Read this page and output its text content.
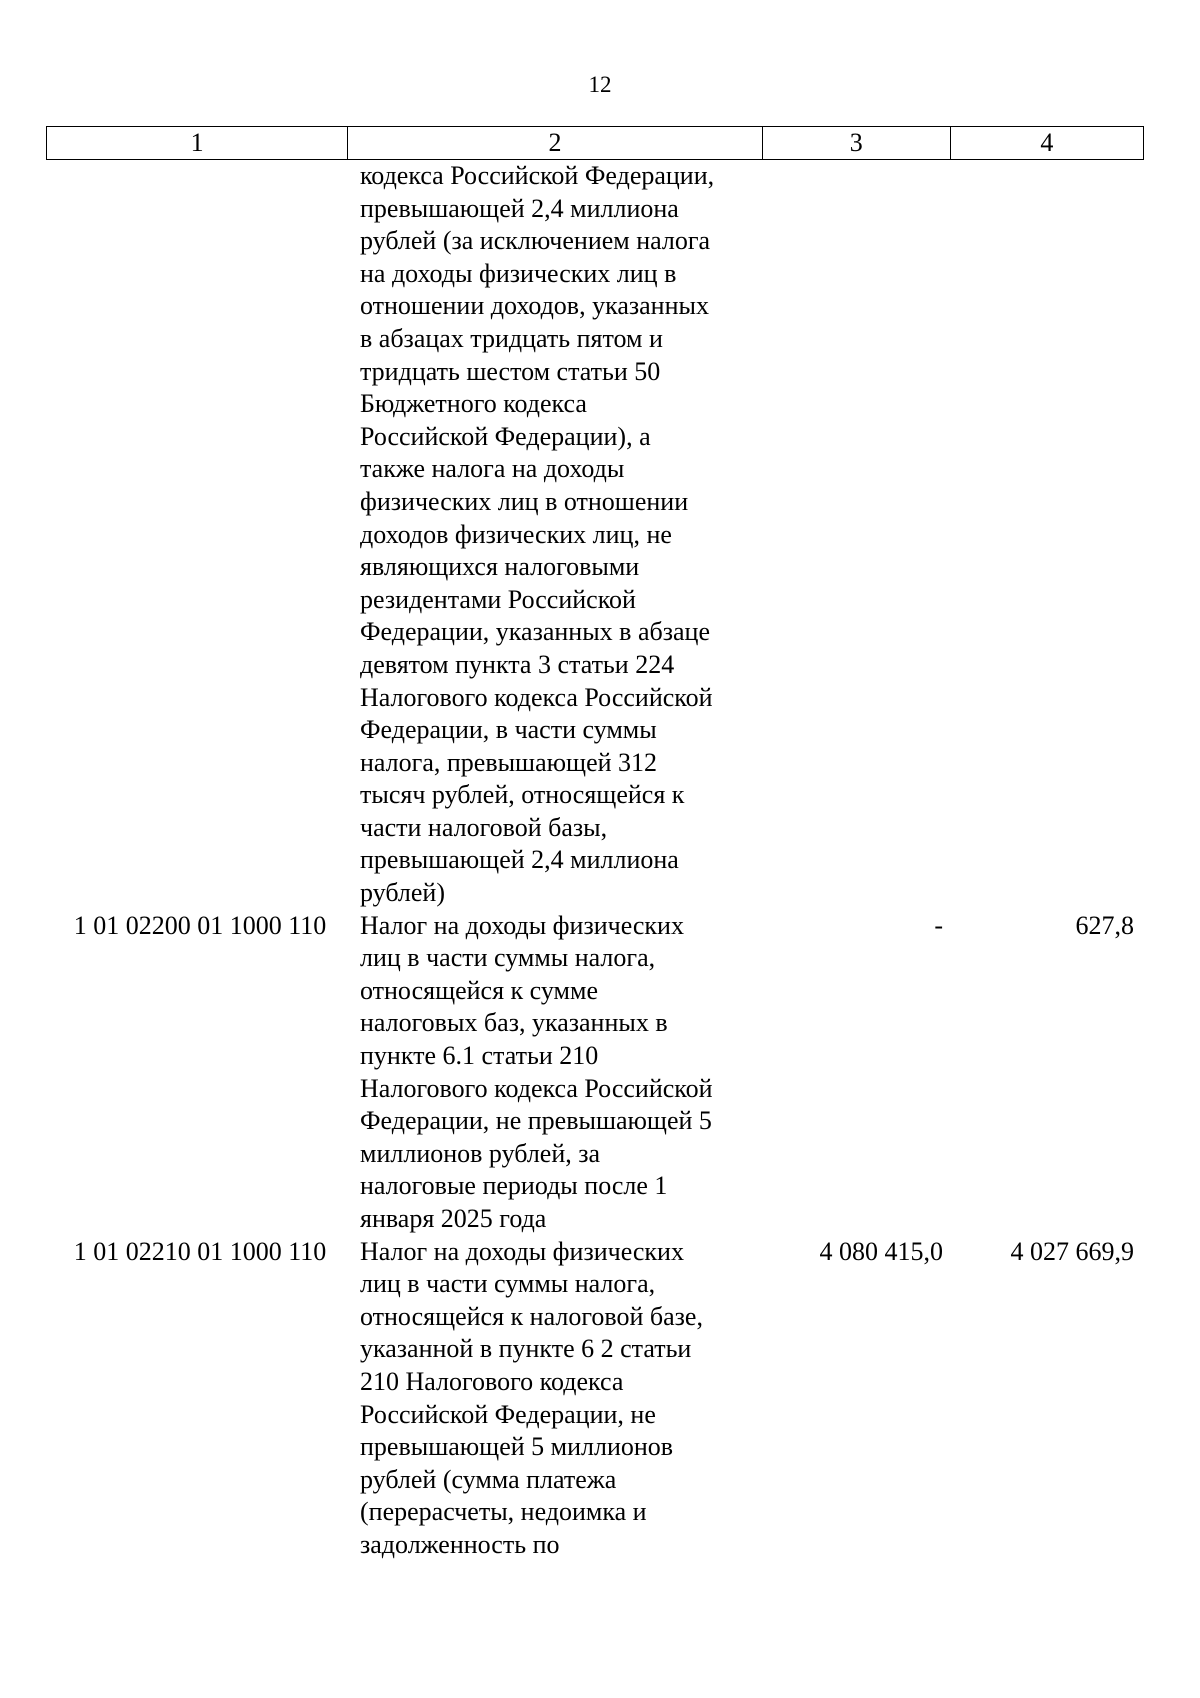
12
1	2	3	4
кодекса Российской Федерации,
превышающей 2,4 миллиона
рублей (за исключением налога
на доходы физических лиц в
отношении доходов, указанных
в абзацах тридцать пятом и
тридцать шестом статьи 50
Бюджетного кодекса
Российской Федерации), а
также налога на доходы
физических лиц в отношении
доходов физических лиц, не
являющихся налоговыми
резидентами Российской
Федерации, указанных в абзаце
девятом пункта 3 статьи 224
Налогового кодекса Российской
Федерации, в части суммы
налога, превышающей 312
тысяч рублей, относящейся к
части налоговой базы,
превышающей 2,4 миллиона
рублей)
1 01 02200 01 1000 110	Налог на доходы физических
лиц в части суммы налога,
относящейся к сумме
налоговых баз, указанных в
пункте 6.1 статьи 210
Налогового кодекса Российской
Федерации, не превышающей 5
миллионов рублей, за
налоговые периоды после 1
января 2025 года
-	627,8
1 01 02210 01 1000 110	Налог на доходы физических
лиц в части суммы налога,
относящейся к налоговой базе,
указанной в пункте 6 2 статьи
210 Налогового кодекса
Российской Федерации, не
превышающей 5 миллионов
рублей (сумма платежа
(перерасчеты, недоимка и
задолженность по
4 080 415,0	4 027 669,9
